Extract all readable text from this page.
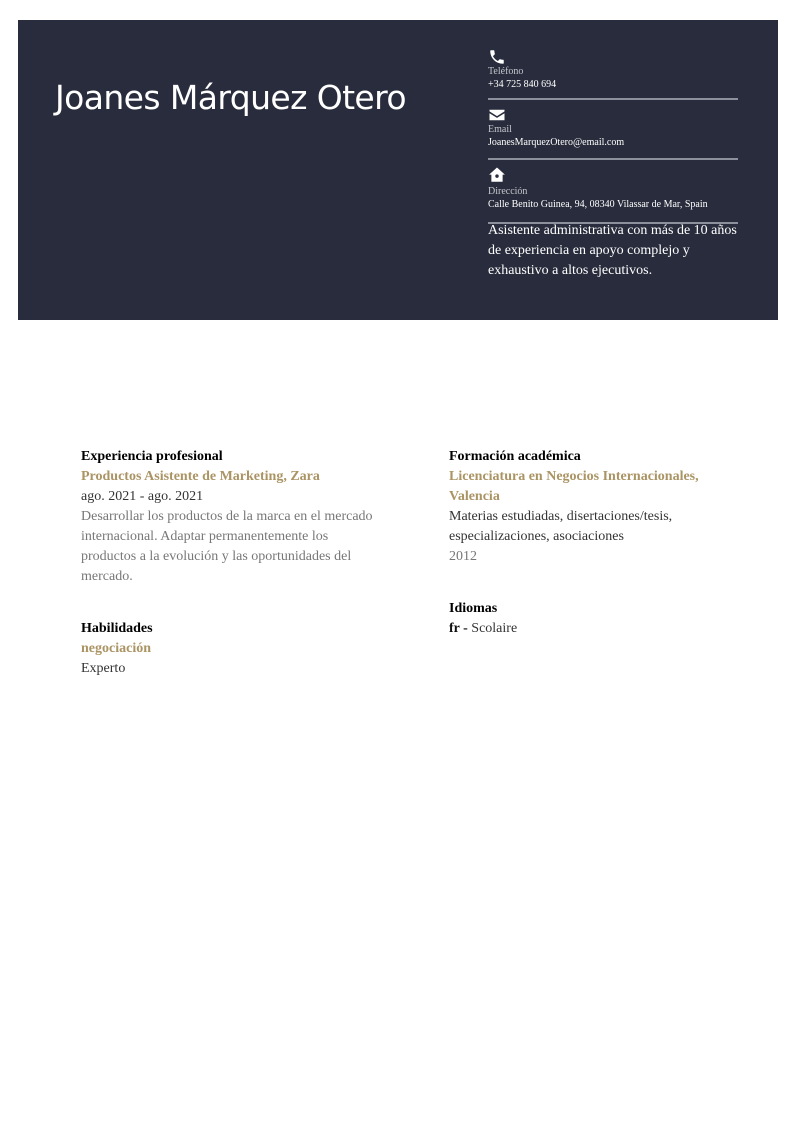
Joanes Márquez Otero
Teléfono
+34 725 840 694
Email
JoanesMarquezOtero@email.com
Dirección
Calle Benito Guinea, 94, 08340 Vilassar de Mar, Spain

Asistente administrativa con más de 10 años de experiencia en apoyo complejo y exhaustivo a altos ejecutivos.

Experiencia profesional
Productos Asistente de Marketing, Zara
ago. 2021 - ago. 2021
Desarrollar los productos de la marca en el mercado internacional. Adaptar permanentemente los productos a la evolución y las oportunidades del mercado.
Habilidades
negociación
Experto
Formación académica
Licenciatura en Negocios Internacionales, Valencia
Materias estudiadas, disertaciones/tesis, especializaciones, asociaciones
2012
Idiomas
fr - Scolaire
